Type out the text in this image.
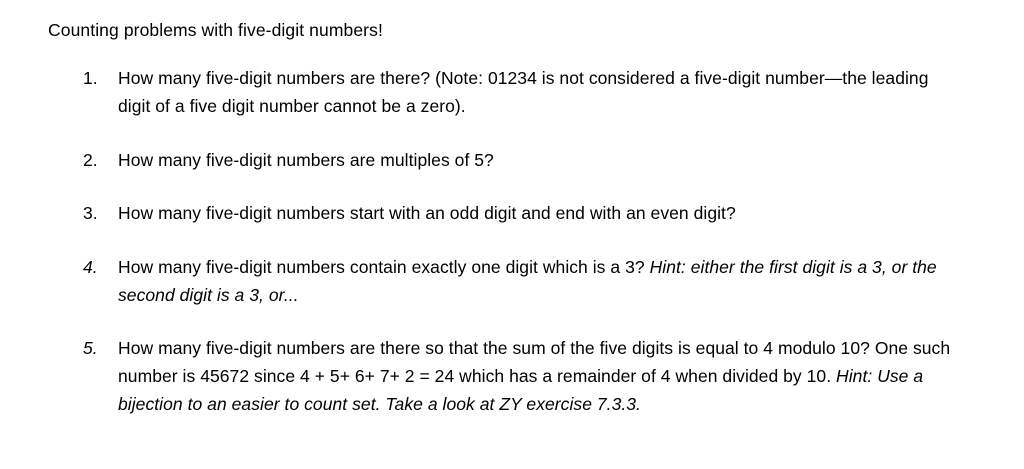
Counting problems with five-digit numbers!

1.	How many five-digit numbers are there? (Note: 01234 is not considered a five-digit number—the leading digit of a five digit number cannot be a zero).
2.	How many five-digit numbers are multiples of 5?
3.	How many five-digit numbers start with an odd digit and end with an even digit?
4.	How many five-digit numbers contain exactly one digit which is a 3? Hint: either the first digit is a 3, or the second digit is a 3, or...
5.	How many five-digit numbers are there so that the sum of the five digits is equal to 4 modulo 10? One such number is 45672 since 4 + 5+ 6+ 7+ 2 = 24 which has a remainder of 4 when divided by 10. Hint: Use a bijection to an easier to count set. Take a look at ZY exercise 7.3.3.
